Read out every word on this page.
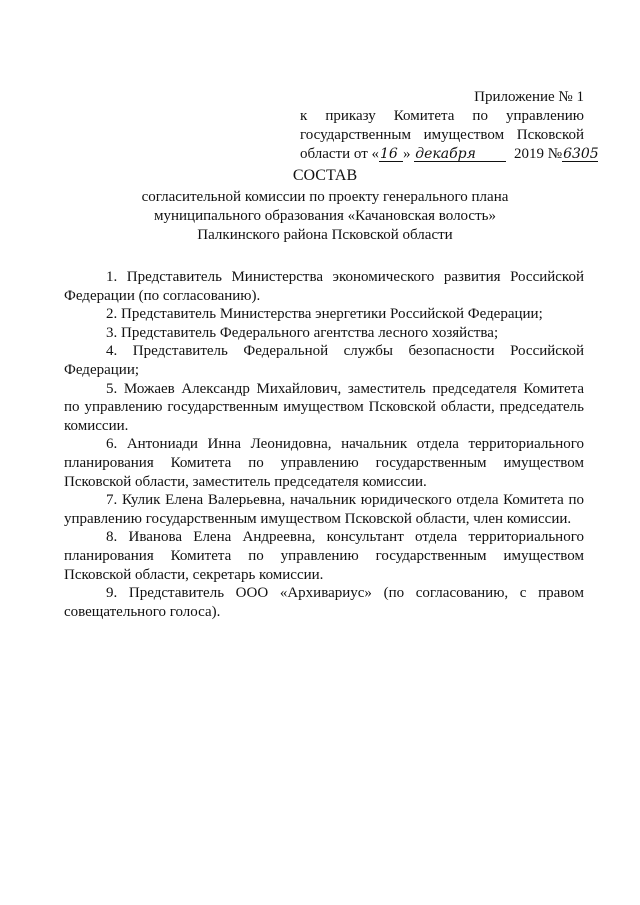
Приложение № 1
к приказу Комитета по управлению
государственным имуществом Псковской
области от «16 » декабря 2019 №6305
СОСТАВ
согласительной комиссии по проекту генерального плана
муниципального образования «Качановская волость»
Палкинского района Псковской области

1. Представитель Министерства экономического развития Российской Федерации (по согласованию).

2. Представитель Министерства энергетики Российской Федерации;

3. Представитель Федерального агентства лесного хозяйства;

4. Представитель Федеральной службы безопасности Российской Федерации;

5. Можаев Александр Михайлович, заместитель председателя Комитета по управлению государственным имуществом Псковской области, председатель комиссии.

6. Антониади Инна Леонидовна, начальник отдела территориального планирования Комитета по управлению государственным имуществом Псковской области, заместитель председателя комиссии.

7. Кулик Елена Валерьевна, начальник юридического отдела Комитета по управлению государственным имуществом Псковской области, член комиссии.

8. Иванова Елена Андреевна, консультант отдела территориального планирования Комитета по управлению государственным имуществом Псковской области, секретарь комиссии.

9. Представитель ООО «Архивариус» (по согласованию, с правом совещательного голоса).
